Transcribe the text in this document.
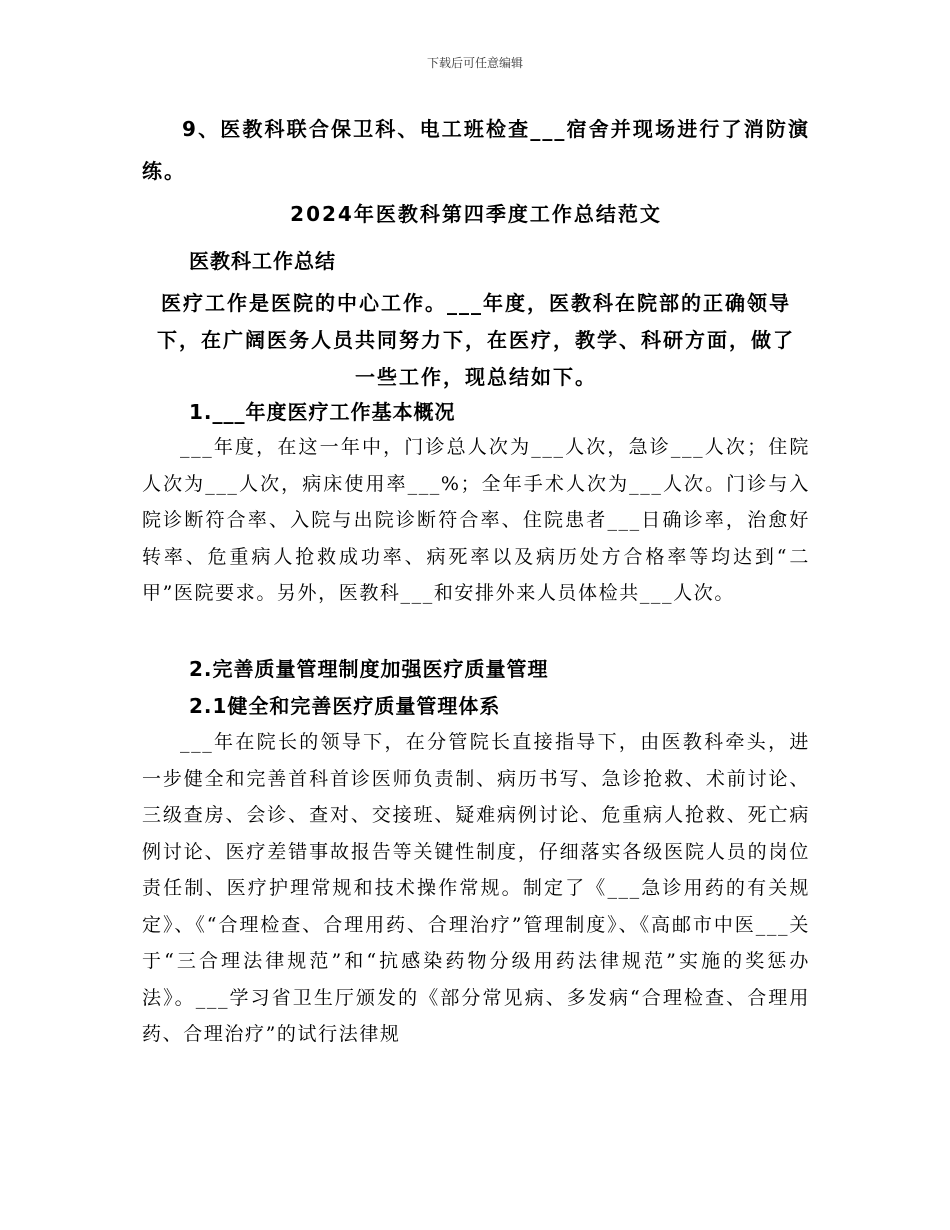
下载后可任意编辑

9、医教科联合保卫科、电工班检查___宿舍并现场进行了消防演练。

2024年医教科第四季度工作总结范文

医教科工作总结

医疗工作是医院的中心工作。___年度，医教科在院部的正确领导下，在广阔医务人员共同努力下，在医疗，教学、科研方面，做了一些工作，现总结如下。

1.___年度医疗工作基本概况

___年度，在这一年中，门诊总人次为___人次，急诊___人次；住院人次为___人次，病床使用率___%；全年手术人次为___人次。门诊与入院诊断符合率、入院与出院诊断符合率、住院患者___日确诊率，治愈好转率、危重病人抢救成功率、病死率以及病历处方合格率等均达到“二甲”医院要求。另外，医教科___和安排外来人员体检共___人次。

2.完善质量管理制度加强医疗质量管理

2.1健全和完善医疗质量管理体系

___年在院长的领导下，在分管院长直接指导下，由医教科牵头，进一步健全和完善首科首诊医师负责制、病历书写、急诊抢救、术前讨论、三级查房、会诊、查对、交接班、疑难病例讨论、危重病人抢救、死亡病例讨论、医疗差错事故报告等关键性制度，仔细落实各级医院人员的岗位责任制、医疗护理常规和技术操作常规。制定了《___急诊用药的有关规定》、《“合理检查、合理用药、合理治疗”管理制度》、《高邮市中医___关于“三合理法律规范”和“抗感染药物分级用药法律规范”实施的奖惩办法》。___学习省卫生厅颁发的《部分常见病、多发病“合理检查、合理用药、合理治疗”的试行法律规
